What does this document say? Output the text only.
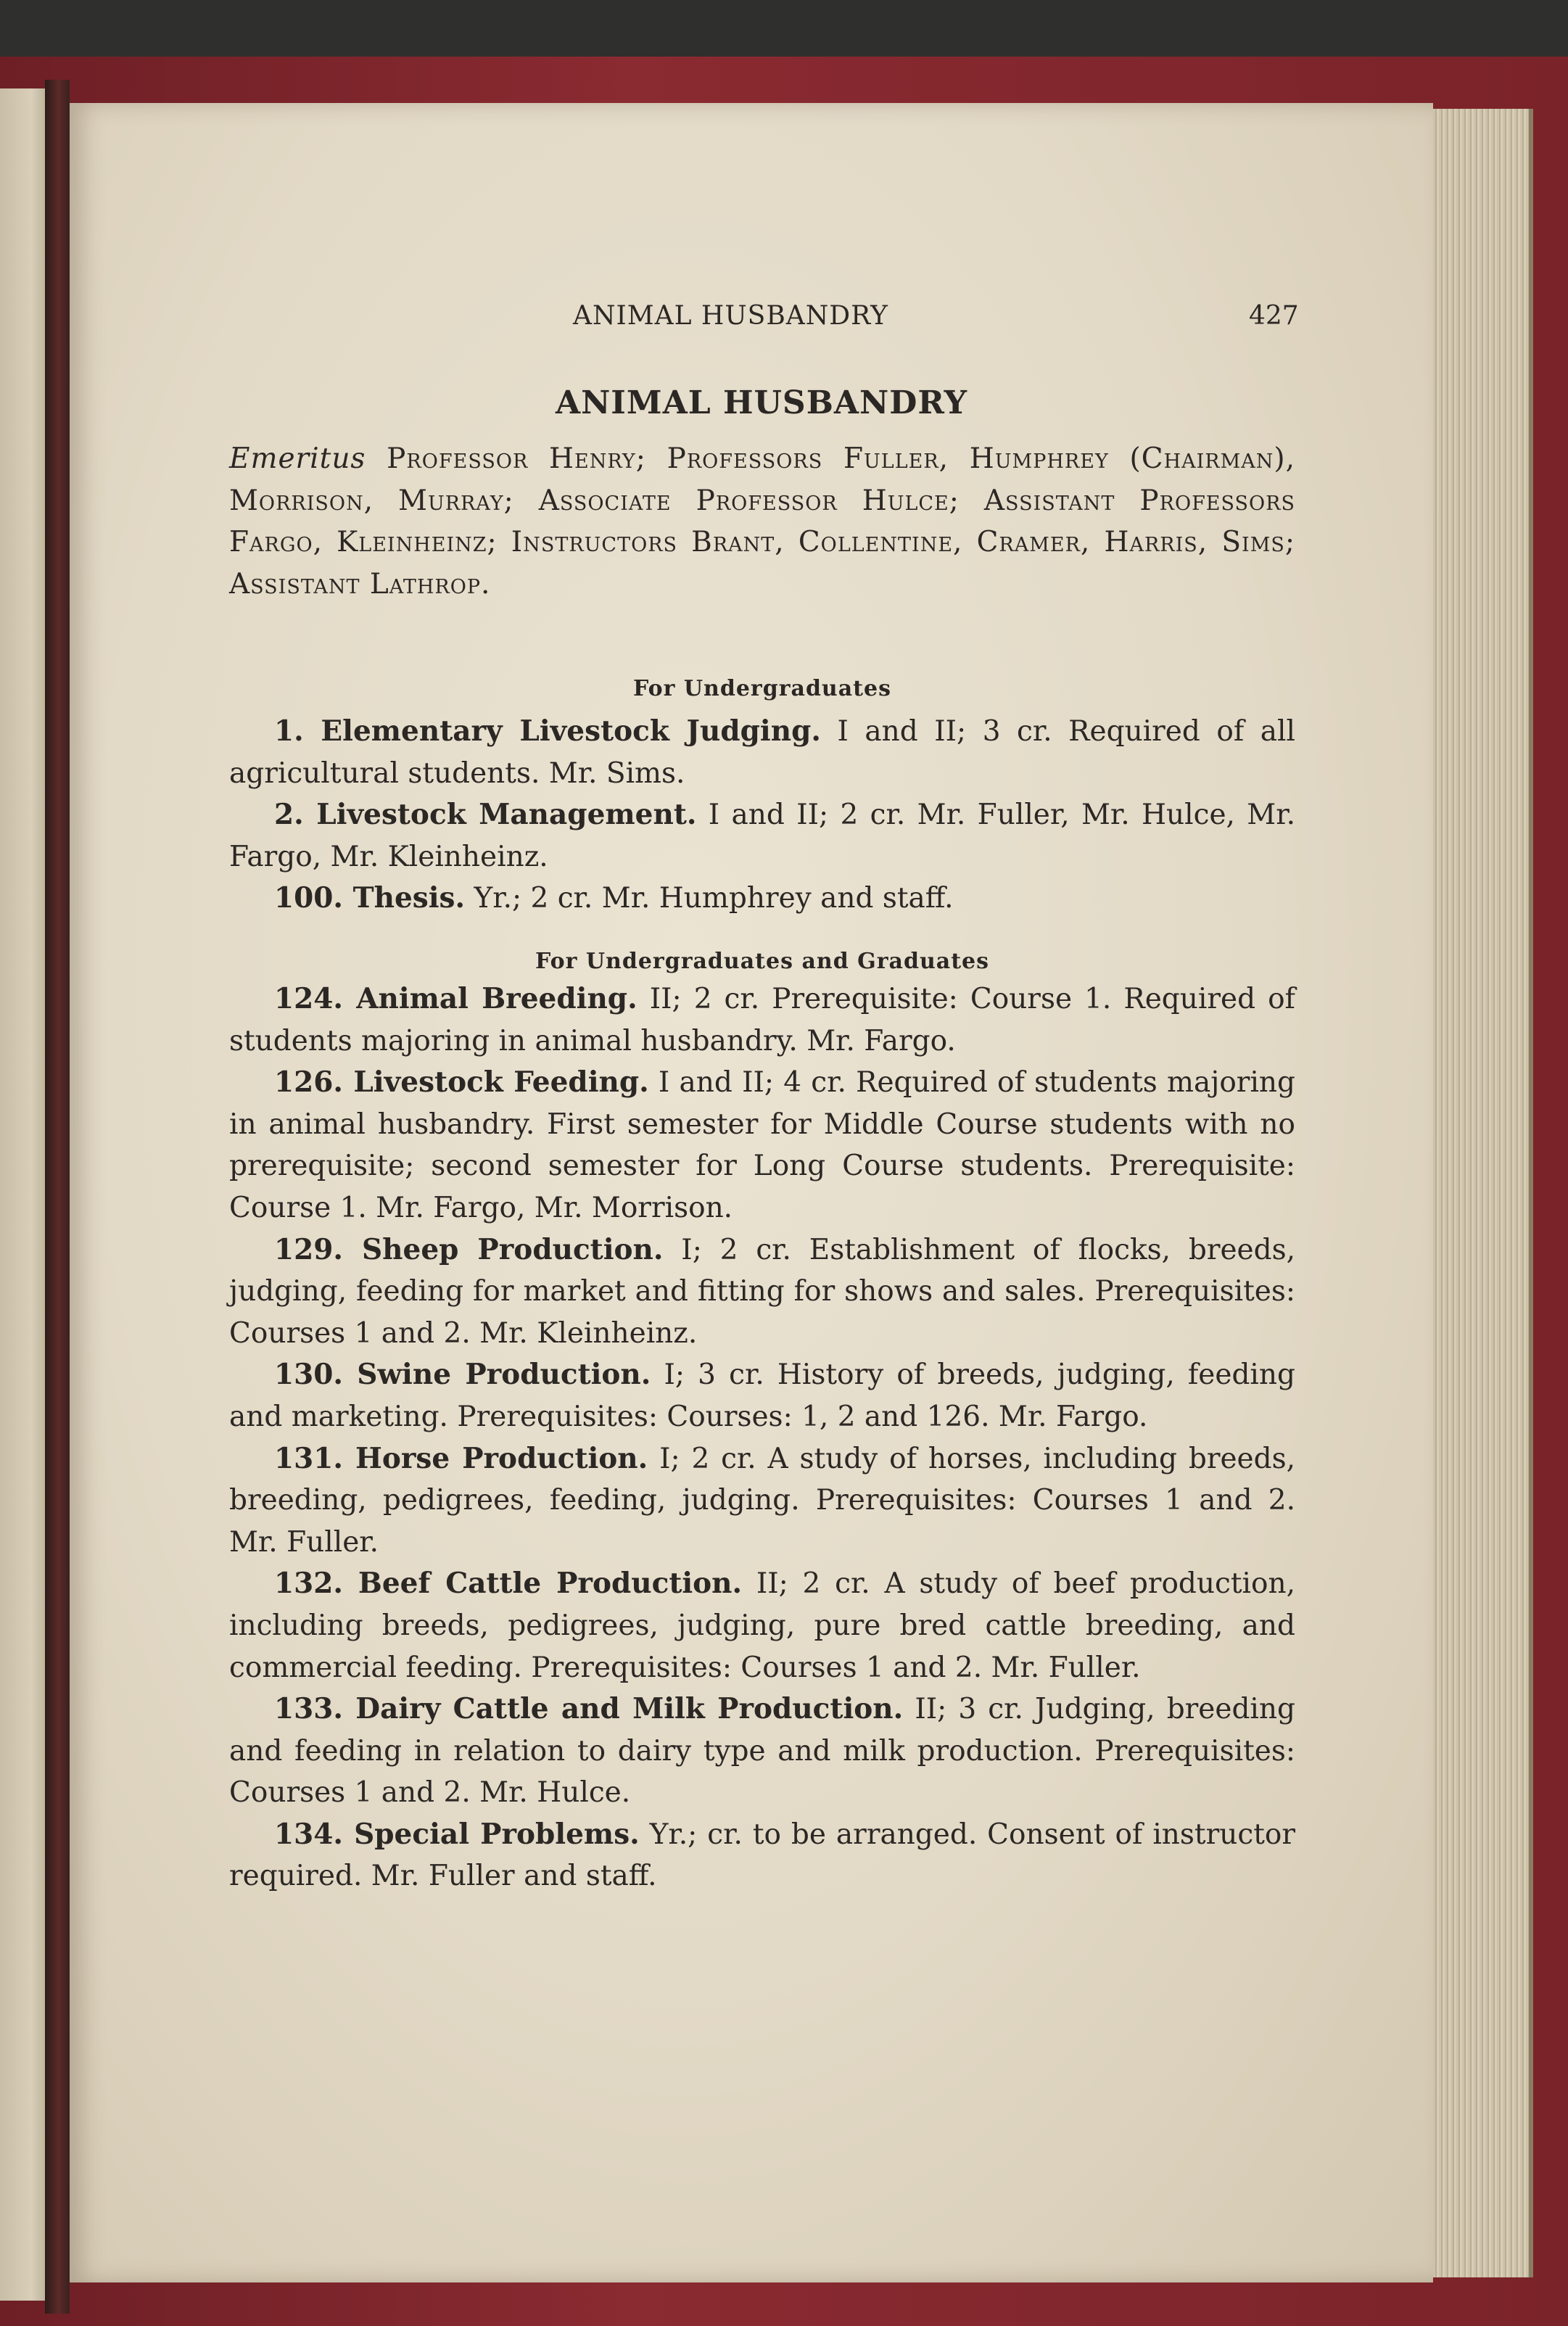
ANIMAL HUSBANDRY	427
ANIMAL HUSBANDRY
Emeritus Professor Henry; Professors Fuller, Humphrey (Chairman), Morrison, Murray; Associate Professor Hulce; Assistant Professors Fargo, Kleinheinz; Instructors Brant, Collentine, Cramer, Harris, Sims; Assistant Lathrop.
For Undergraduates

1. Elementary Livestock Judging. I and II; 3 cr. Required of all agricultural students. Mr. Sims.

2. Livestock Management. I and II; 2 cr. Mr. Fuller, Mr. Hulce, Mr. Fargo, Mr. Kleinheinz.

100. Thesis. Yr.; 2 cr. Mr. Humphrey and staff.

For Undergraduates and Graduates

124. Animal Breeding. II; 2 cr. Prerequisite: Course 1. Required of students majoring in animal husbandry. Mr. Fargo.

126. Livestock Feeding. I and II; 4 cr. Required of students majoring in animal husbandry. First semester for Middle Course students with no prerequisite; second semester for Long Course students. Prerequisite: Course 1. Mr. Fargo, Mr. Morrison.

129. Sheep Production. I; 2 cr. Establishment of flocks, breeds, judging, feeding for market and fitting for shows and sales. Prerequisites: Courses 1 and 2. Mr. Kleinheinz.

130. Swine Production. I; 3 cr. History of breeds, judging, feeding and marketing. Prerequisites: Courses: 1, 2 and 126. Mr. Fargo.

131. Horse Production. I; 2 cr. A study of horses, including breeds, breeding, pedigrees, feeding, judging. Prerequisites: Courses 1 and 2. Mr. Fuller.

132. Beef Cattle Production. II; 2 cr. A study of beef production, including breeds, pedigrees, judging, pure bred cattle breeding, and commercial feeding. Prerequisites: Courses 1 and 2. Mr. Fuller.

133. Dairy Cattle and Milk Production. II; 3 cr. Judging, breeding and feeding in relation to dairy type and milk production. Prerequisites: Courses 1 and 2. Mr. Hulce.

134. Special Problems. Yr.; cr. to be arranged. Consent of instructor required. Mr. Fuller and staff.
